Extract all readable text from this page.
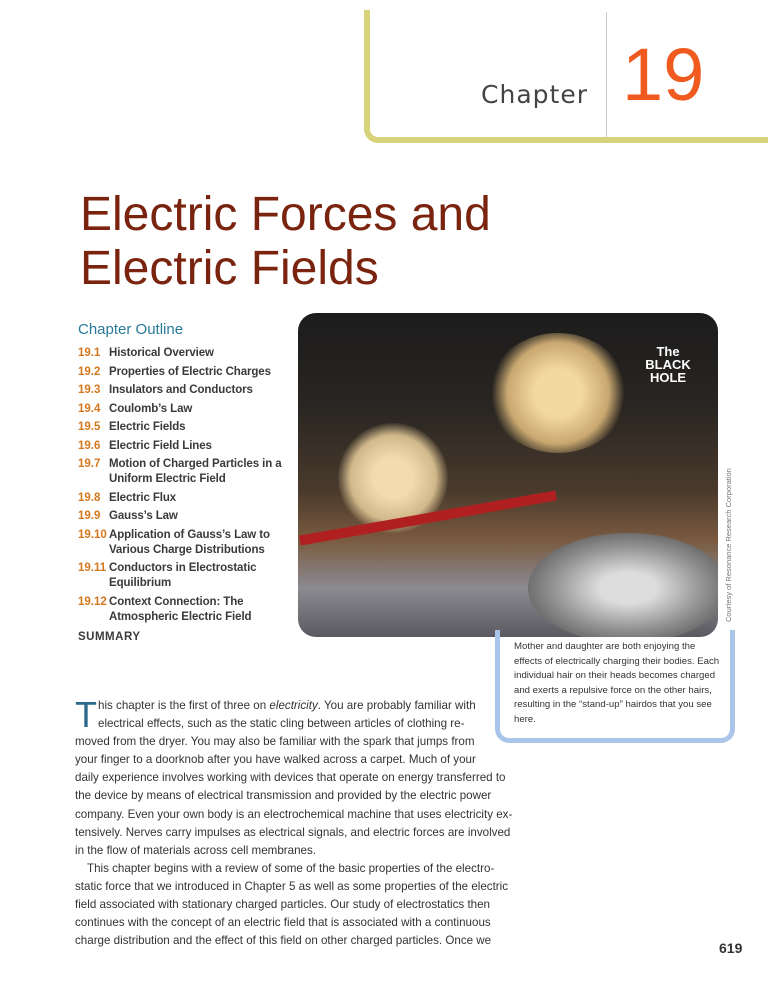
Chapter 19
Electric Forces and
Electric Fields
Chapter Outline
19.1 Historical Overview
19.2 Properties of Electric Charges
19.3 Insulators and Conductors
19.4 Coulomb’s Law
19.5 Electric Fields
19.6 Electric Field Lines
19.7 Motion of Charged Particles in a Uniform Electric Field
19.8 Electric Flux
19.9 Gauss’s Law
19.10 Application of Gauss’s Law to Various Charge Distributions
19.11 Conductors in Electrostatic Equilibrium
19.12 Context Connection: The Atmospheric Electric Field
SUMMARY
The BLACK HOLE
Courtesy of Resonance Research Corporation
Mother and daughter are both enjoying the effects of electrically charging their bodies. Each individual hair on their heads becomes charged and exerts a repulsive force on the other hairs, resulting in the “stand-up” hairdos that you see here.
T his chapter is the first of three on electricity. You are probably familiar with
electrical effects, such as the static cling between articles of clothing re-
moved from the dryer. You may also be familiar with the spark that jumps from
your finger to a doorknob after you have walked across a carpet. Much of your
daily experience involves working with devices that operate on energy transferred to
the device by means of electrical transmission and provided by the electric power
company. Even your own body is an electrochemical machine that uses electricity ex-
tensively. Nerves carry impulses as electrical signals, and electric forces are involved
in the flow of materials across cell membranes.
This chapter begins with a review of some of the basic properties of the electro-
static force that we introduced in Chapter 5 as well as some properties of the electric
field associated with stationary charged particles. Our study of electrostatics then
continues with the concept of an electric field that is associated with a continuous
charge distribution and the effect of this field on other charged particles. Once we	619
